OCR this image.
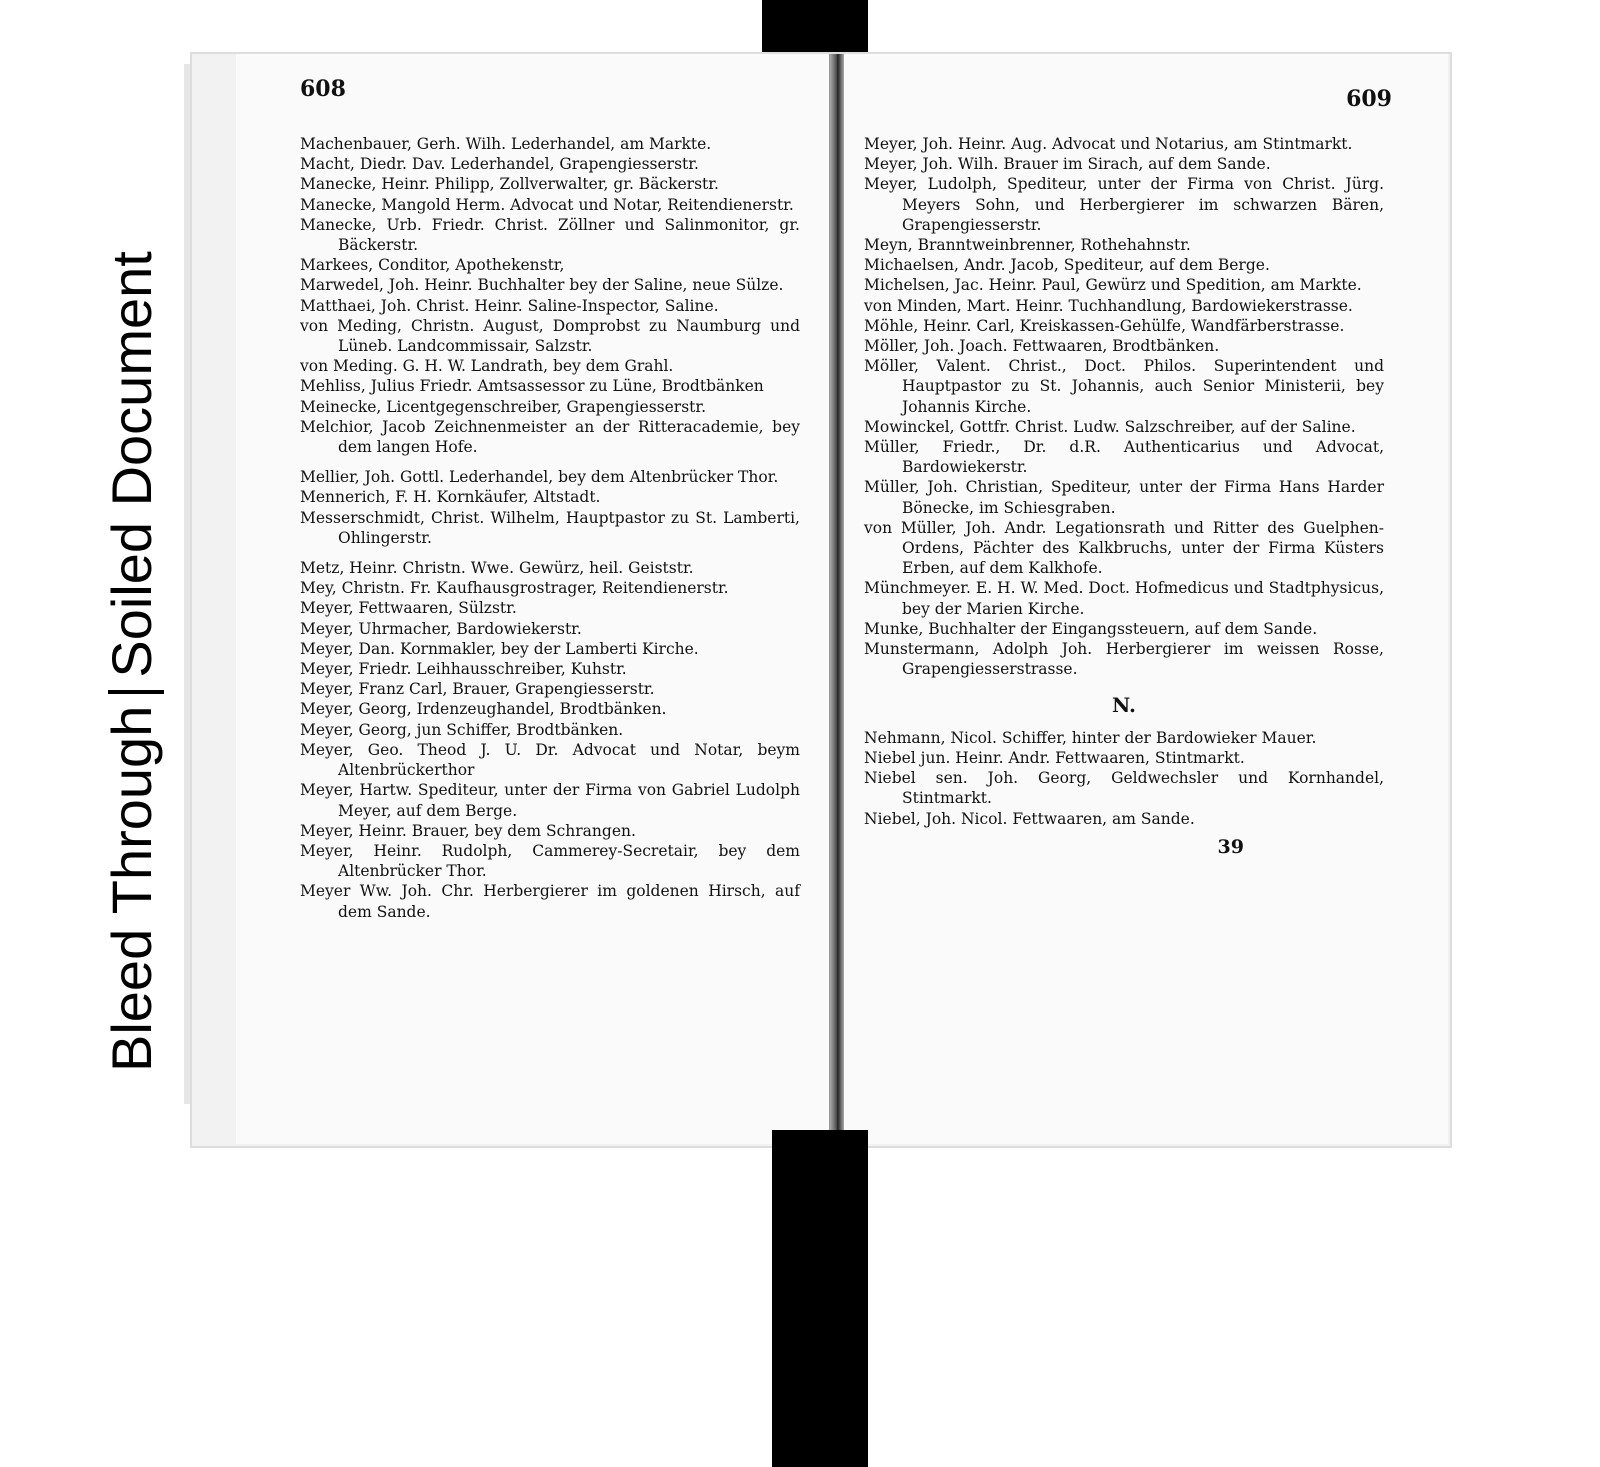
Bleed ThroughSoiled Document
608
Machenbauer, Gerh. Wilh. Lederhandel, am Markte.
Macht, Diedr. Dav. Lederhandel, Grapengiesserstr.
Manecke, Heinr. Philipp, Zollverwalter, gr. Bäckerstr.
Manecke, Mangold Herm. Advocat und Notar, Reitendienerstr.
Manecke, Urb. Friedr. Christ. Zöllner und Salinmonitor, gr. Bäckerstr.
Markees, Conditor, Apothekenstr,
Marwedel, Joh. Heinr. Buchhalter bey der Saline, neue Sülze.
Matthaei, Joh. Christ. Heinr. Saline-Inspector, Saline.
von Meding, Christn. August, Domprobst zu Naumburg und Lüneb. Landcommissair, Salzstr.
von Meding. G. H. W. Landrath, bey dem Grahl.
Mehliss, Julius Friedr. Amtsassessor zu Lüne, Brodtbänken
Meinecke, Licentgegenschreiber, Grapengiesserstr.
Melchior, Jacob Zeichnenmeister an der Ritteracademie, bey dem langen Hofe.
Mellier, Joh. Gottl. Lederhandel, bey dem Altenbrücker Thor.
Mennerich, F. H. Kornkäufer, Altstadt.
Messerschmidt, Christ. Wilhelm, Hauptpastor zu St. Lamberti, Ohlingerstr.
Metz, Heinr. Christn. Wwe. Gewürz, heil. Geiststr.
Mey, Christn. Fr. Kaufhausgrostrager, Reitendienerstr.
Meyer, Fettwaaren, Sülzstr.
Meyer, Uhrmacher, Bardowiekerstr.
Meyer, Dan. Kornmakler, bey der Lamberti Kirche.
Meyer, Friedr. Leihhausschreiber, Kuhstr.
Meyer, Franz Carl, Brauer, Grapengiesserstr.
Meyer, Georg, Irdenzeughandel, Brodtbänken.
Meyer, Georg, jun Schiffer, Brodtbänken.
Meyer, Geo. Theod J. U. Dr. Advocat und Notar, beym Altenbrückerthor
Meyer, Hartw. Spediteur, unter der Firma von Gabriel Ludolph Meyer, auf dem Berge.
Meyer, Heinr. Brauer, bey dem Schrangen.
Meyer, Heinr. Rudolph, Cammerey-Secretair, bey dem Altenbrücker Thor.
Meyer Ww. Joh. Chr. Herbergierer im goldenen Hirsch, auf dem Sande.
609
Meyer, Joh. Heinr. Aug. Advocat und Notarius, am Stintmarkt.
Meyer, Joh. Wilh. Brauer im Sirach, auf dem Sande.
Meyer, Ludolph, Spediteur, unter der Firma von Christ. Jürg. Meyers Sohn, und Herbergierer im schwarzen Bären, Grapengiesserstr.
Meyn, Branntweinbrenner, Rothehahnstr.
Michaelsen, Andr. Jacob, Spediteur, auf dem Berge.
Michelsen, Jac. Heinr. Paul, Gewürz und Spedition, am Markte.
von Minden, Mart. Heinr. Tuchhandlung, Bardowiekerstrasse.
Möhle, Heinr. Carl, Kreiskassen-Gehülfe, Wandfärberstrasse.
Möller, Joh. Joach. Fettwaaren, Brodtbänken.
Möller, Valent. Christ., Doct. Philos. Superintendent und Hauptpastor zu St. Johannis, auch Senior Ministerii, bey Johannis Kirche.
Mowinckel, Gottfr. Christ. Ludw. Salzschreiber, auf der Saline.
Müller, Friedr., Dr. d.R. Authenticarius und Advocat, Bardowiekerstr.
Müller, Joh. Christian, Spediteur, unter der Firma Hans Harder Bönecke, im Schiesgraben.
von Müller, Joh. Andr. Legationsrath und Ritter des Guelphen-Ordens, Pächter des Kalkbruchs, unter der Firma Küsters Erben, auf dem Kalkhofe.
Münchmeyer. E. H. W. Med. Doct. Hofmedicus und Stadtphysicus, bey der Marien Kirche.
Munke, Buchhalter der Eingangssteuern, auf dem Sande.
Munstermann, Adolph Joh. Herbergierer im weissen Rosse, Grapengiesserstrasse.
N.
Nehmann, Nicol. Schiffer, hinter der Bardowieker Mauer.
Niebel jun. Heinr. Andr. Fettwaaren, Stintmarkt.
Niebel sen. Joh. Georg, Geldwechsler und Kornhandel, Stintmarkt.
Niebel, Joh. Nicol. Fettwaaren, am Sande.
39
